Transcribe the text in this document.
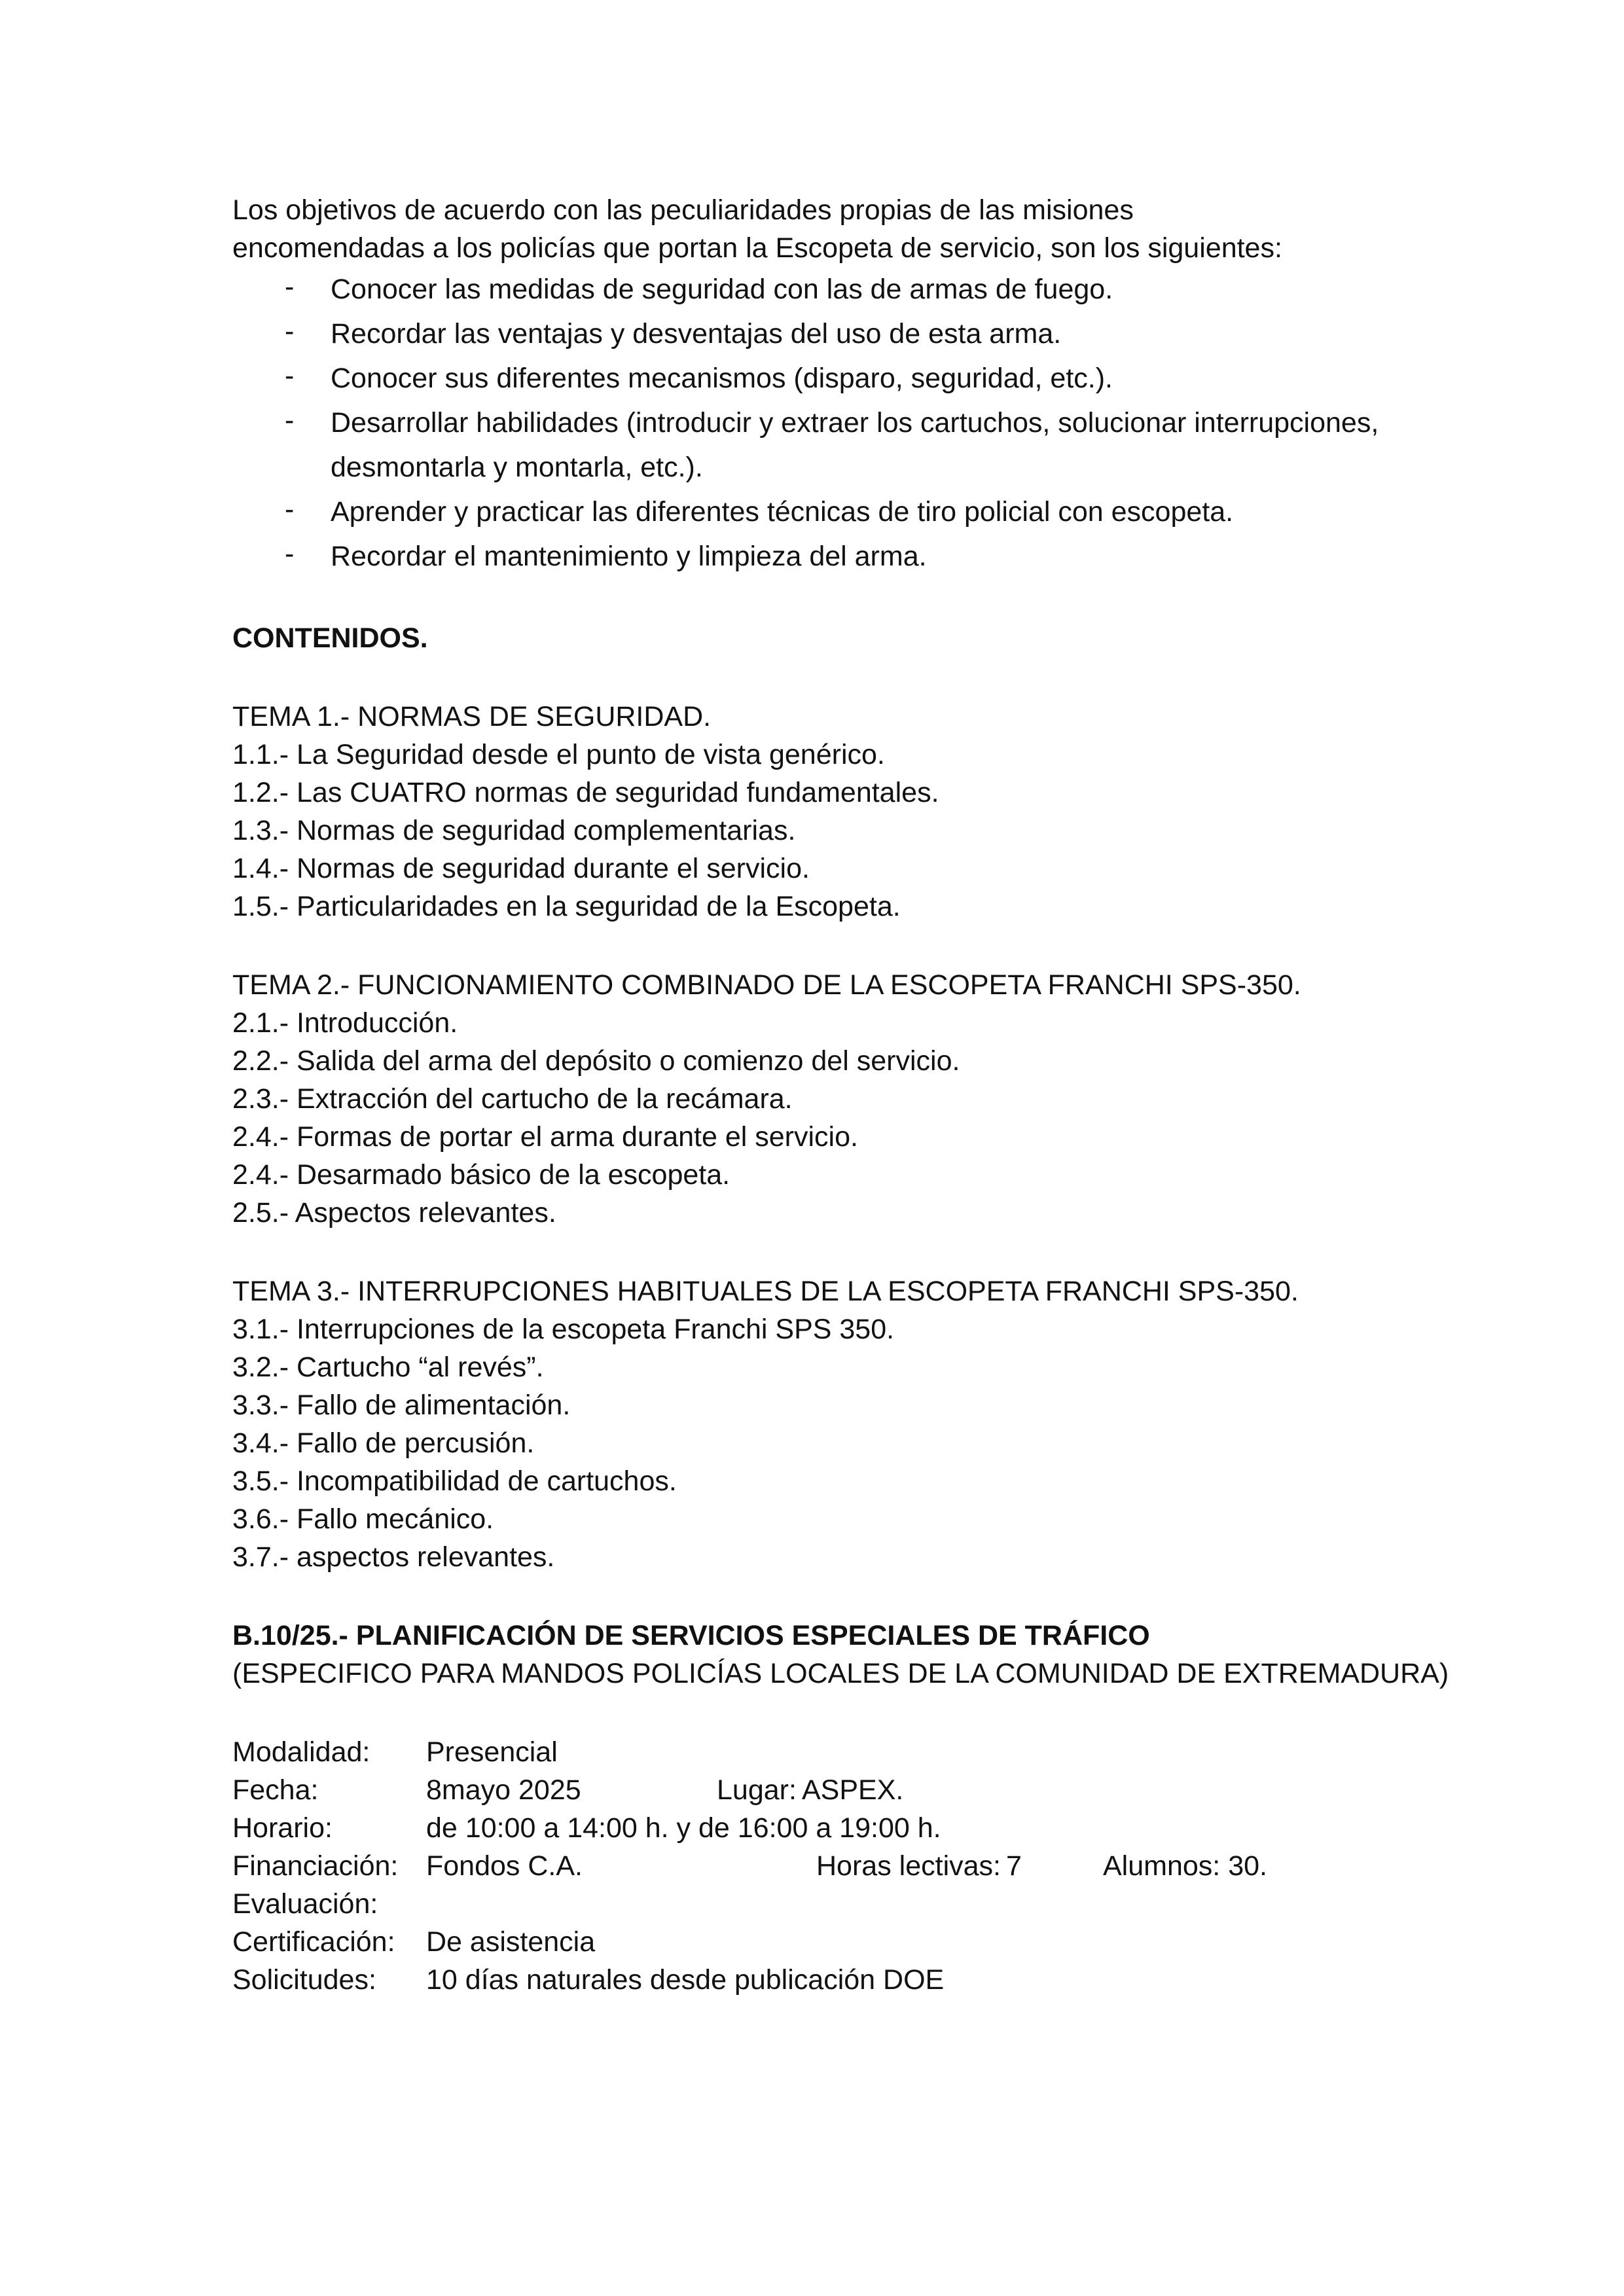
Los objetivos de acuerdo con las peculiaridades propias de las misiones
encomendadas a los policías que portan la Escopeta de servicio, son los siguientes:
- Conocer las medidas de seguridad con las de armas de fuego.
- Recordar las ventajas y desventajas del uso de esta arma.
- Conocer sus diferentes mecanismos (disparo, seguridad, etc.).
- Desarrollar habilidades (introducir y extraer los cartuchos, solucionar interrupciones, desmontarla y montarla, etc.).
- Aprender y practicar las diferentes técnicas de tiro policial con escopeta.
- Recordar el mantenimiento y limpieza del arma.
CONTENIDOS.
TEMA 1.- NORMAS DE SEGURIDAD.
1.1.- La Seguridad desde el punto de vista genérico.
1.2.- Las CUATRO normas de seguridad fundamentales.
1.3.- Normas de seguridad complementarias.
1.4.- Normas de seguridad durante el servicio.
1.5.- Particularidades en la seguridad de la Escopeta.
TEMA 2.- FUNCIONAMIENTO COMBINADO DE LA ESCOPETA FRANCHI SPS-350.
2.1.- Introducción.
2.2.- Salida del arma del depósito o comienzo del servicio.
2.3.- Extracción del cartucho de la recámara.
2.4.- Formas de portar el arma durante el servicio.
2.4.- Desarmado básico de la escopeta.
2.5.- Aspectos relevantes.
TEMA 3.- INTERRUPCIONES HABITUALES DE LA ESCOPETA FRANCHI SPS-350.
3.1.- Interrupciones de la escopeta Franchi SPS 350.
3.2.- Cartucho “al revés”.
3.3.- Fallo de alimentación.
3.4.- Fallo de percusión.
3.5.- Incompatibilidad de cartuchos.
3.6.- Fallo mecánico.
3.7.- aspectos relevantes.
B.10/25.- PLANIFICACIÓN DE SERVICIOS ESPECIALES DE TRÁFICO
(ESPECIFICO PARA MANDOS POLICÍAS LOCALES DE LA COMUNIDAD DE EXTREMADURA)
Modalidad: Presencial
Fecha:	8mayo 2025	Lugar: ASPEX.
Horario:	de 10:00 a 14:00 h. y de 16:00 a 19:00 h.
Financiación: Fondos C.A.	Horas lectivas: 7	Alumnos: 30.
Evaluación:
Certificación: De asistencia
Solicitudes: 10 días naturales desde publicación DOE
